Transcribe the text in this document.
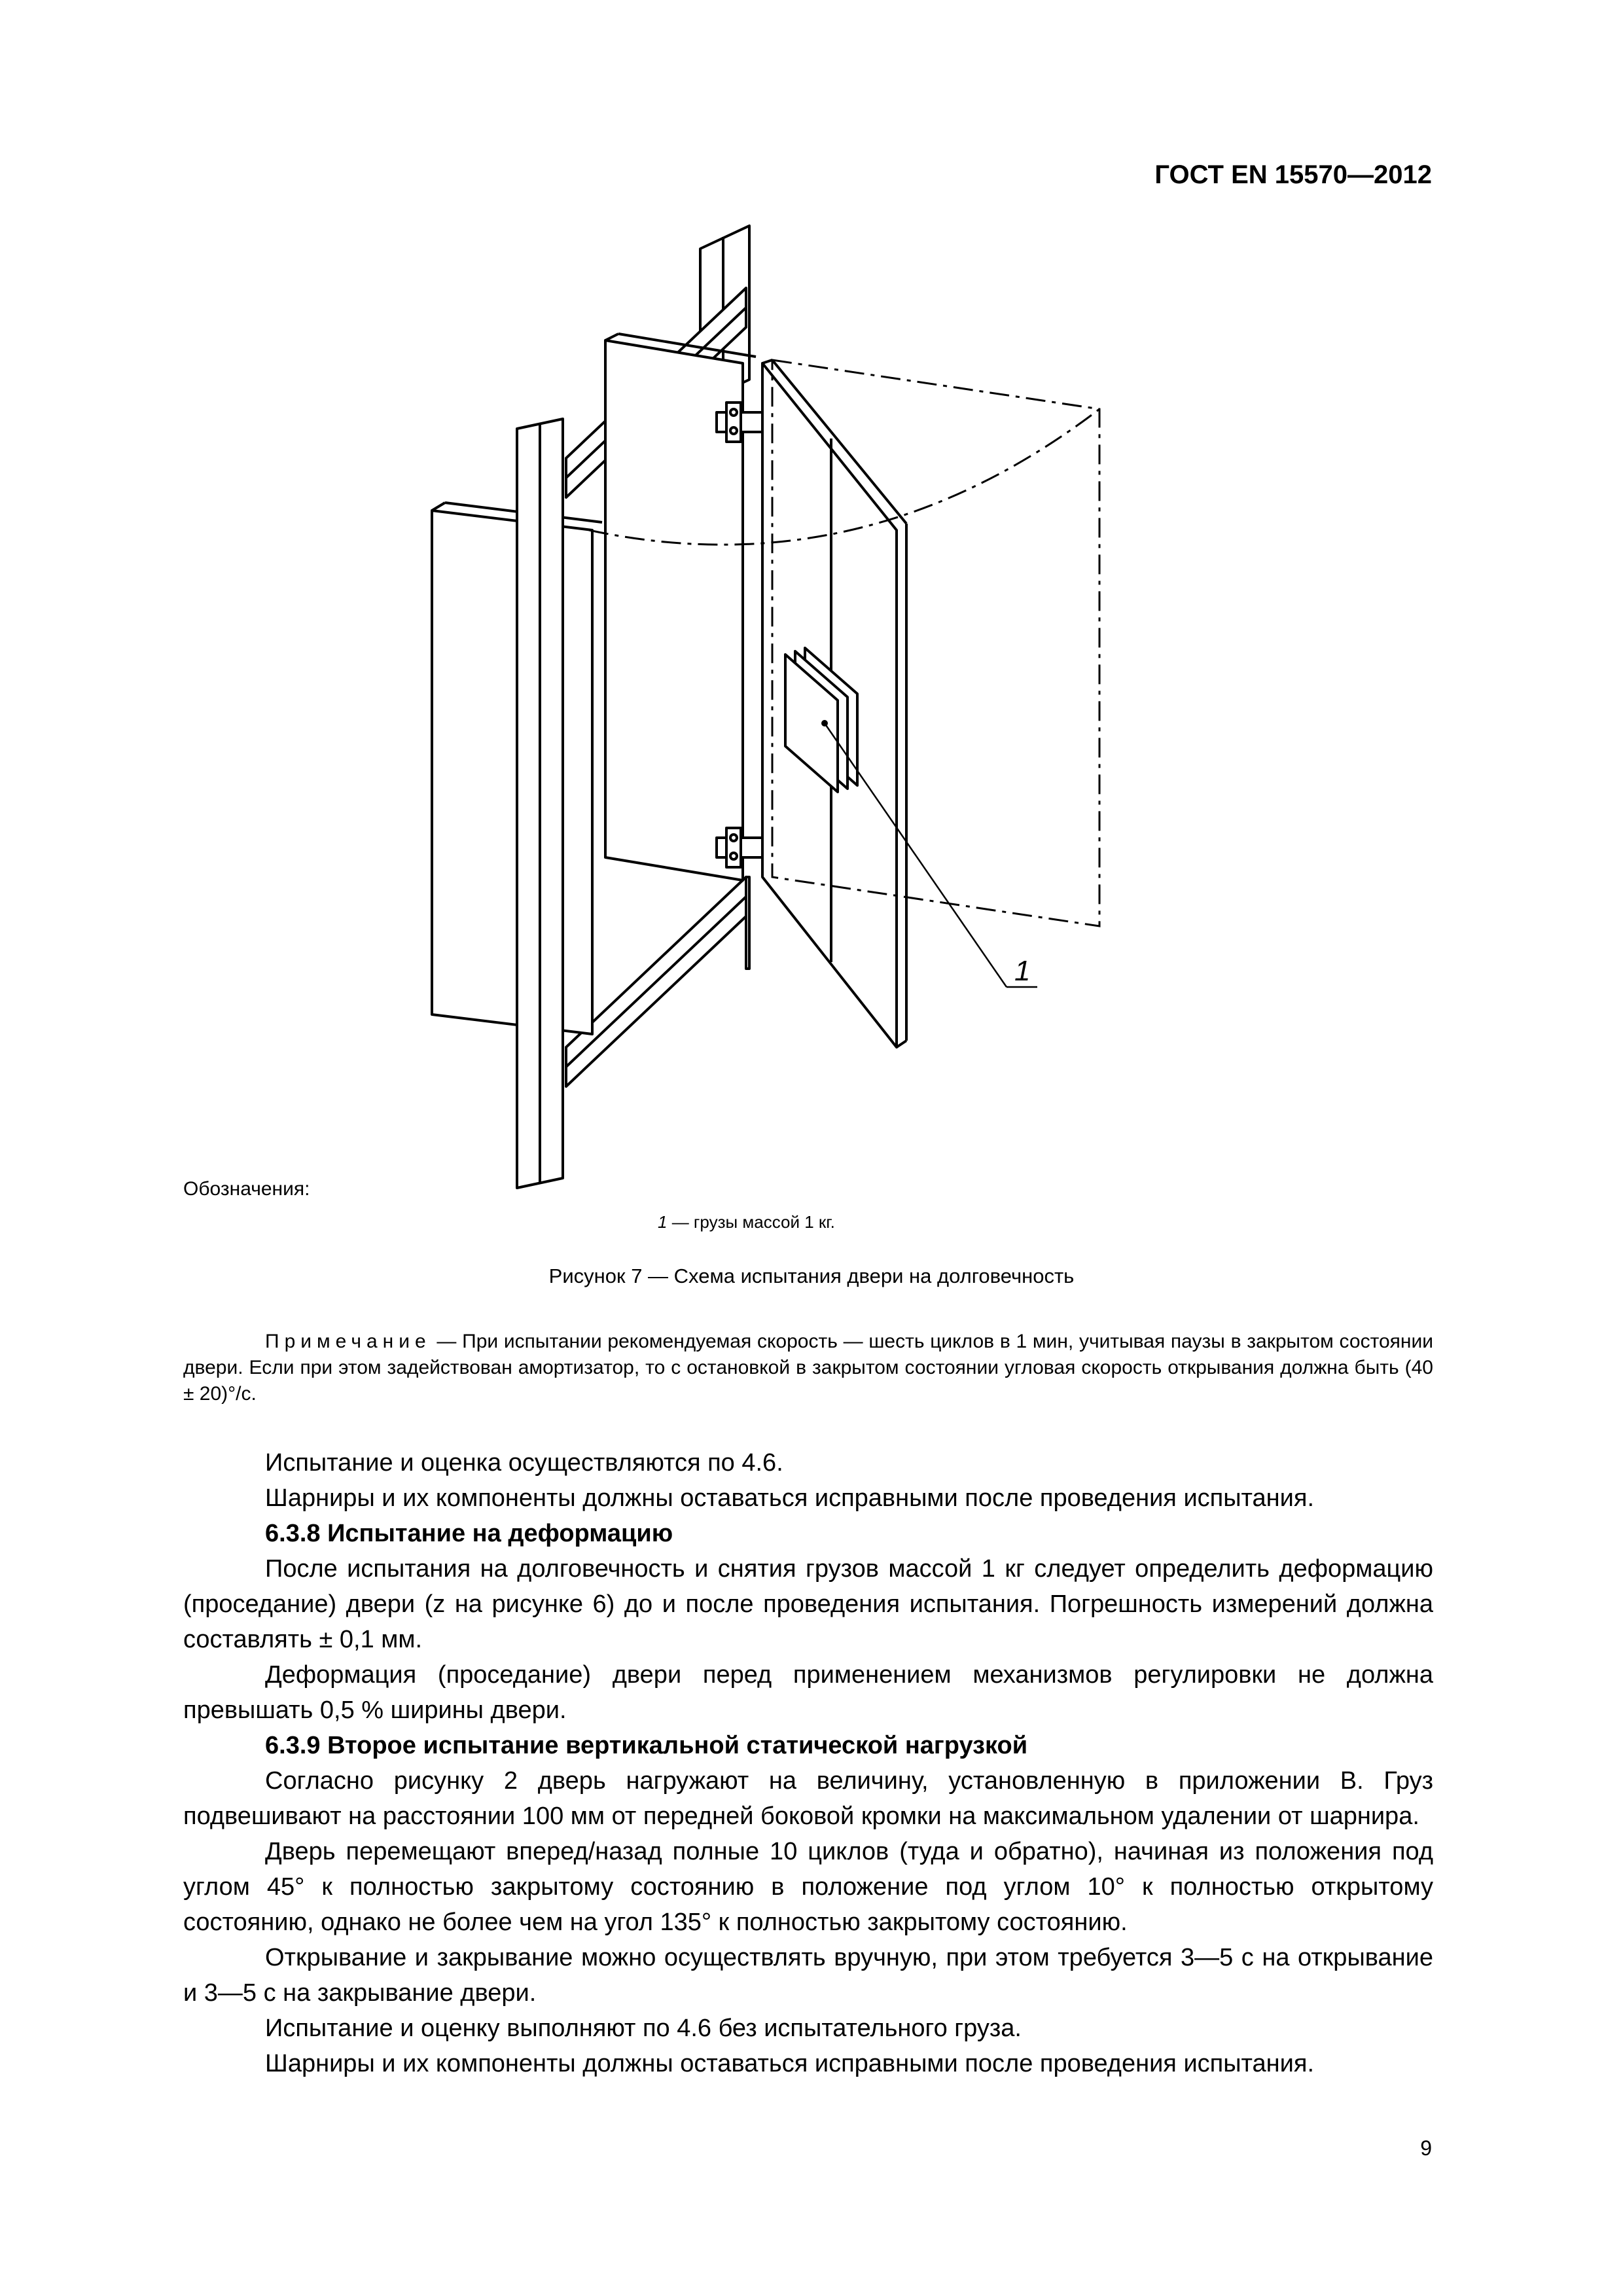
ГОСТ EN 15570—2012
1
Обозначения:
1 — грузы массой 1 кг.
Рисунок 7 — Схема испытания двери на долговечность
Примечание — При испытании рекомендуемая скорость — шесть циклов в 1 мин, учитывая паузы в закрытом состоянии двери. Если при этом задействован амортизатор, то с остановкой в закрытом состоянии угловая скорость открывания должна быть (40 ± 20)°/с.

Испытание и оценка осуществляются по 4.6.

Шарниры и их компоненты должны оставаться исправными после проведения испытания.

6.3.8 Испытание на деформацию

После испытания на долговечность и снятия грузов массой 1 кг следует определить деформацию (проседание) двери (z на рисунке 6) до и после проведения испытания. Погрешность измерений должна составлять ± 0,1 мм.

Деформация (проседание) двери перед применением механизмов регулировки не должна превышать 0,5 % ширины двери.

6.3.9 Второе испытание вертикальной статической нагрузкой

Согласно рисунку 2 дверь нагружают на величину, установленную в приложении В. Груз подвешивают на расстоянии 100 мм от передней боковой кромки на максимальном удалении от шарнира.

Дверь перемещают вперед/назад полные 10 циклов (туда и обратно), начиная из положения под углом 45° к полностью закрытому состоянию в положение под углом 10° к полностью открытому состоянию, однако не более чем на угол 135° к полностью закрытому состоянию.

Открывание и закрывание можно осуществлять вручную, при этом требуется 3—5 с на открывание и 3—5 с на закрывание двери.

Испытание и оценку выполняют по 4.6 без испытательного груза.

Шарниры и их компоненты должны оставаться исправными после проведения испытания.

9
